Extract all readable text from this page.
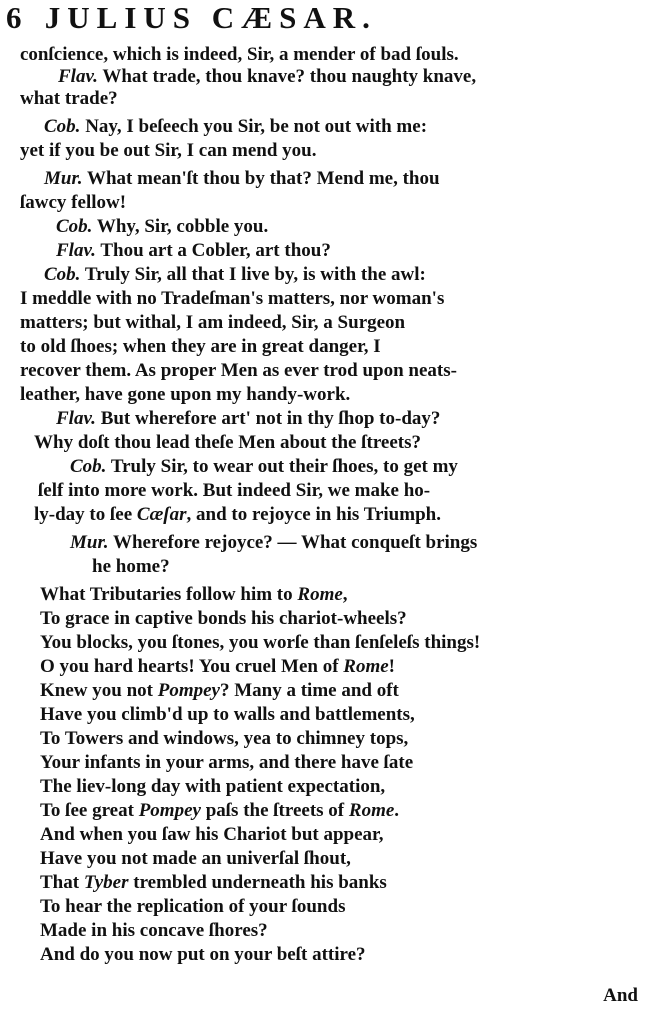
6 JULIUS CÆSAR.
conſcience, which is indeed, Sir, a mender of bad ſouls.
Flav. What trade, thou knave? thou naughty knave,
what trade?
Cob. Nay, I beſeech you Sir, be not out with me:
yet if you be out Sir, I can mend you.
Mur. What mean'ſt thou by that? Mend me, thou
ſawcy fellow!
Cob. Why, Sir, cobble you.
Flav. Thou art a Cobler, art thou?
Cob. Truly Sir, all that I live by, is with the awl:
I meddle with no Tradeſman's matters, nor woman's
matters; but withal, I am indeed, Sir, a Surgeon
to old ſhoes; when they are in great danger, I
recover them. As proper Men as ever trod upon neats-
leather, have gone upon my handy-work.
Flav. But wherefore art' not in thy ſhop to-day?
Why doſt thou lead theſe Men about the ſtreets?
Cob. Truly Sir, to wear out their ſhoes, to get my
ſelf into more work. But indeed Sir, we make ho-
ly-day to ſee Cæſar, and to rejoyce in his Triumph.
Mur. Wherefore rejoyce? — What conqueſt brings
he home?
What Tributaries follow him to Rome,
To grace in captive bonds his chariot-wheels?
You blocks, you ſtones, you worſe than ſenſeleſs things!
O you hard hearts! You cruel Men of Rome!
Knew you not Pompey? Many a time and oft
Have you climb'd up to walls and battlements,
To Towers and windows, yea to chimney tops,
Your infants in your arms, and there have ſate
The liev-long day with patient expectation,
To ſee great Pompey paſs the ſtreets of Rome.
And when you ſaw his Chariot but appear,
Have you not made an univerſal ſhout,
That Tyber trembled underneath his banks
To hear the replication of your ſounds
Made in his concave ſhores?
And do you now put on your beſt attire?
And
